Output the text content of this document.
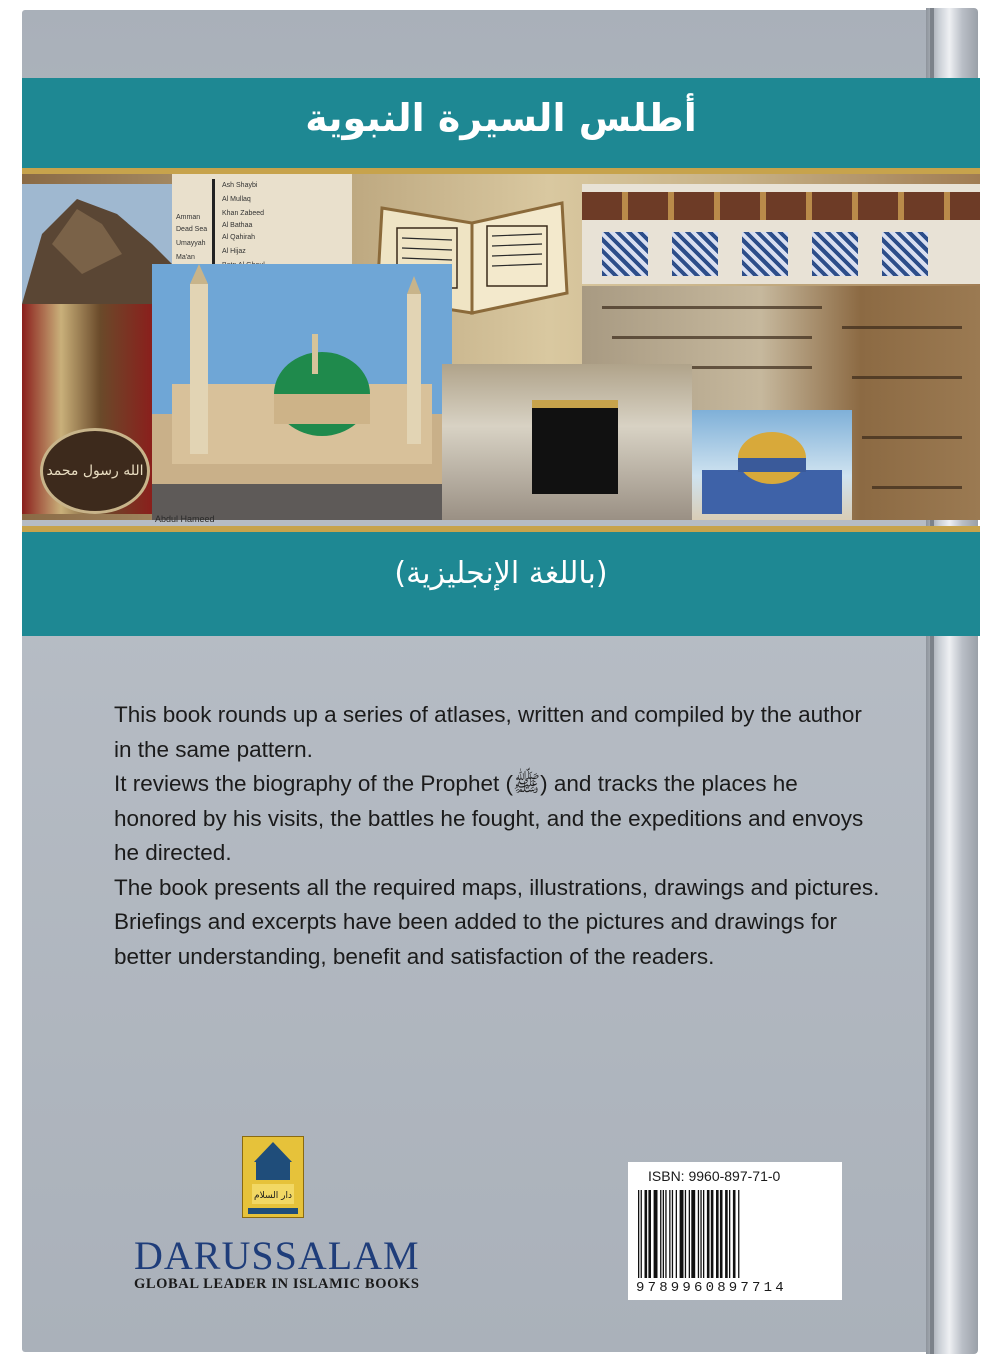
أطلس السيرة النبوية
Ash Shaybi
Al Mullaq
Khan Zabeed
Al Bathaa
Al Qahirah
Al Hijaz
Dead Sea
Amman
Umayyah
Ma'an
الله رسول محمد
Abdul Hameed
(باللغة الإنجليزية)

This book rounds up a series of atlases, written and compiled by the author in the same pattern.

It reviews the biography of the Prophet (ﷺ) and tracks the places he honored by his visits, the battles he fought, and the expeditions and envoys he directed.

The book presents all the required maps, illustrations, drawings and pictures.

Briefings and excerpts have been added to the pictures and drawings for better understanding, benefit and satisfaction of the readers.

دار السلام
DARUSSALAM
GLOBAL LEADER IN ISLAMIC BOOKS
ISBN: 9960-897-71-0
9789960897714
